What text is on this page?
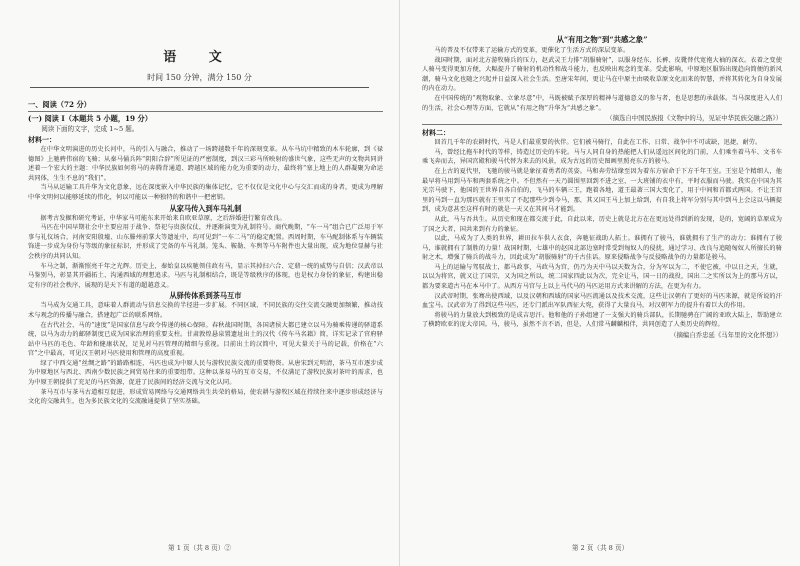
语 文
时间 150 分钟，满分 150 分
一、阅读（72 分）
(一) 阅读 I（本题共 5 小题，19 分）
阅读下面的文字，完成 1~5 题。
材料一：

在中华文明演进的历史长河中，马的引入与融合，推动了一场跨越数千年的深刻变革。从车马坑中精致的木车轮廓，到《禄德图》上驰骋伟宿的飞骑；从秦马俑兵阵“阴阳合辞”所见证的严密制度，到汉三彩马所映射的盛世气象，这些无声的文物共同讲述着一个宏大的主题：中华民族如何将马的奔腾背通道、跨越区域的能力化为重要的动力，最终将“塞上地上的人群凝聚为命运共同体，生生不息的“我们”。

当马从运输工具升华为文化意象，远在深度嵌入中华民族的集体记忆，它不仅仅是文化中心与交汇而成的身者，更成为理解中华文明何以能够延续的伟化，何以可能以一种独特的和谐中一把密钥。

从家马传入到车马礼制

据考古发掘和研究考证，中华家马可能东来开始来自欧亚草原，之后辞婚进行繁育改良。

马匹在中国早期社会中主要应用于战争、祭祀与贵族仪仗，并逐渐演变为礼制符号。商代晚期，“车一马”组合已广泛用于军事与礼仪场合，河南安阳殷墟、山东滕州前掌大等遗址中，均可见到“一车二马”的稳定配置。西周时期，车马配制体系与车辆装饰进一步成为身份与等级的象征标识，并形成了完备的车马礼制。笼头、鞍勒、车舆等马车附件也大量出现，成为地位显赫与社会秩序的共同认知。

车马之制，渐渐照亮千年之光辉。历史上，秦始皇以疾驰领佳政有马，显示其掉扫六合、定鼎一统的威势与自信；汉武帝以马鉴别马，彰显其开疆拓土、沟通西域的理想追求。马匹与礼制相结合，既是等级秩序的体现，也是权力身份的象征，构建出稳定有序的社会秩序，展现的是天下有道的超越意义。

从驿传体系到茶马互市

当马成为交通工具，意味着人群流动与信息交换的半径进一步扩展。不同区域、不同民族的交往交流交融更加频繁，推动技术与观念的传播与融合，搭建起广泛的联系网络。

在古代社会，马的“速度”是国家信息与政令传递的核心保障。春秋战国时期，各国诸侯大都已建立以马为骑乘传递的驿道系统，以马为动力的邮驿制度已成为国家治理的重要支柱。甘肃敦煌悬泉置遗址出土的汉代《传车马名籍》简，详实记录了官府驿站中马匹的毛色、年龄和健康状况，足见对马匹管理的精细与重视。目前出土的汉简中，可见大量关于马的记载，价格在“六宫”之中最高，可见汉王朝对马匹使用和管理的高度重视。

绿了中西交通“丝绸之路”的路路相连，马匹也成为中原人民与游牧民族交流的重要物资。从唐宋到元明清，茶马互市逐步成为中原地区与西北、西南少数民族之间贸易往来的重要纽带。这种以茶易马的互市交易，不仅满足了游牧民族对茶叶的需求，也为中原王朝提供了充足的马匹资源，促进了民族间的经济交流与文化认同。

茶马互市与茶马古道相互促进，形成贸易网络与交通网络共生共荣的格局，使农耕与游牧区域在持续往来中逐步形成经济与文化的交融共生，也为多民族文化的交流融通提供了坚实基础。

第 1 页（共 8 页）②
从“有用之物”到“共感之象”

马的普及不仅带来了运输方式的变革，更催化了生活方式的深层变革。

战国时期，面对北方游牧骑兵的压力，赵武灵王力排“胡服骑射”，以服身经东、长裤、皮靴替代宽袍大袖的深衣。衣着之变使人骑马变得更加方便，大幅提升了骑射的机动性和战斗能力，也反映出观念的变革。受此影响，中原地区服饰出现趋向简便的新风潮，骑马文化也随之兴起并日益深入社会生活。至唐宋年间，更让马在中原主由吸收草原文化而来的智慧，并将其转化为自身发展的内在动力。

在中国传统的“观物取象、立象尽意”中，马既被赋予深厚的精神与道德意义的参与者，也是思想的承载体。当马深度进入人们的生活，社会心理等方面，它就从“有用之物”升华为“共感之象”。

（摘选自中国民族报《文物中的马，见证中华民族交融之路》）
材料二：

回首几千年的农耕时代，马是人们最重要的伙伴。它们被马骑行，自此在工作、日常、战争中不可或缺，迅捷，耐劳。

马，曾经比拖车时代的等样，铸造过历史的车轮。马与人同自身的热能把人们从遥远区间化的门前，人们乘坐着马车、文书车乘飞奔而去，异国宫殿和骏马代替为来去的风景，成为古远的历史图画里照亮东方的骏马。

在上古的夏代里，飞驰的骏马就是象征着勇者的英姿。马和奔劳结缘至因为着东方宿命于下方千年王室。王室是个精细人，他最早将马用到马车和两套系统之中。不但然有一天乃圆围里回到不进之室，一大班铺的衣中有，平时衣服而马驶。我实在中国为其光宗马驶下，他国的王世界自各自伯的，飞马的车辆三王，跑着各地，道王最著三国大变化了，用于中间和首都式两国。不让王宫里的马到一直为那匹就有王里实了不起那些少到今马，那，其又国王马上加上给到，有自我上将军分别与其中到马上会这以马辆提到，成为意甚至这样有时的就是一天又在其间马才能到。

从此，马与吾共生。从历史和现在都交流于此，自此以来，历史上就是北方在在更远处得到新的发现，是的，宽阔的草原成为了国之大者，国共来到有力的象征。

以此，马成为了人类的世界，耕田拉车供人衣食，奔驰征战助人拓土。谁拥有了骏马，谁就拥有了生产的动力；谁拥有了骏马，谁就拥有了制胜的力量！战国时期，七雄中的赵国北部边塞时常受到匈奴人的侵扰，通过学习、改良与追随匈奴人所擅长的骑射之术，增强了骑兵的战斗力，因此成为“胡服骑射”的千古佳话。原来侵略战争与反侵略战争的力量都是骏马。

马上的运输与驾驭战士，都马政事，马政马为宫，仍乃为天中马以天数为合，分为军以为二，不使它被，中以日之天，生就，以以为将官，就又让了国宗，又为国之所以，统二国家四此以为次，完全让马，国一日的战役，国出二之实所以为上的那马方以，都为要来道古马在本马中了。从西方马宫与上以上马代马的马匹运用方式来讲解的方法，在更为有力。

汉武帝时期，张骞出使西域，以及汉朝和西域的国家马匹流通以及技术交流，这些让汉朝有了更好的马匹来源，就是所说的汗血宝马。汉武帝为了得到这些马匹，还专门派出军队西征大宛，获得了大量良马，对汉朝军力的提升有着巨大的作用。

将骏马的力量放大到极致的是成吉思汗。他和他的子孙组建了一支强大的骑兵部队，长期驰骋在广阔的亚欧大陆上，帮助建立了横跨欧亚的庞大帝国。马，骏马，虽然不言不语，但是，人们常马麟麟相伴，共同创造了人类历史的辉煌。

（摘编自乔忠延《马年里的文化怀想》）
第 2 页（共 8 页）
